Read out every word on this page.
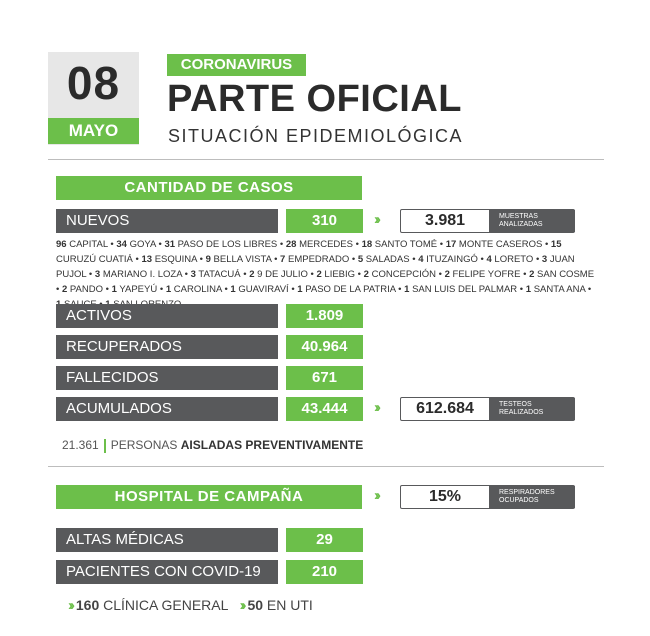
08
MAYO
CORONAVIRUS
PARTE OFICIAL
SITUACIÓN EPIDEMIOLÓGICA
CANTIDAD DE CASOS
NUEVOS	310	››	3.981	MUESTRAS
ANALIZADAS
96 CAPITAL • 34 GOYA • 31 PASO DE LOS LIBRES • 28 MERCEDES • 18 SANTO TOMÉ • 17 MONTE CASEROS • 15 CURUZÚ CUATIÁ • 13 ESQUINA • 9 BELLA VISTA • 7 EMPEDRADO • 5 SALADAS • 4 ITUZAINGÓ • 4 LORETO • 3 JUAN PUJOL • 3 MARIANO I. LOZA • 3 TATACUÁ • 2 9 DE JULIO • 2 LIEBIG • 2 CONCEPCIÓN • 2 FELIPE YOFRE • 2 SAN COSME • 2 PANDO • 1 YAPEYÚ • 1 CAROLINA • 1 GUAVIRAVÍ • 1 PASO DE LA PATRIA • 1 SAN LUIS DEL PALMAR • 1 SANTA ANA •
ACTIVOS	1.809
RECUPERADOS	40.964
FALLECIDOS	671
ACUMULADOS	43.444	››	612.684	TESTEOS
REALIZADOS
21.361 PERSONAS AISLADAS PREVENTIVAMENTE
HOSPITAL DE CAMPAÑA	››	15%	RESPIRADORES
OCUPADOS
ALTAS MÉDICAS	29
PACIENTES CON COVID-19	210
›› 160 CLÍNICA GENERAL ›› 50 EN UTI
